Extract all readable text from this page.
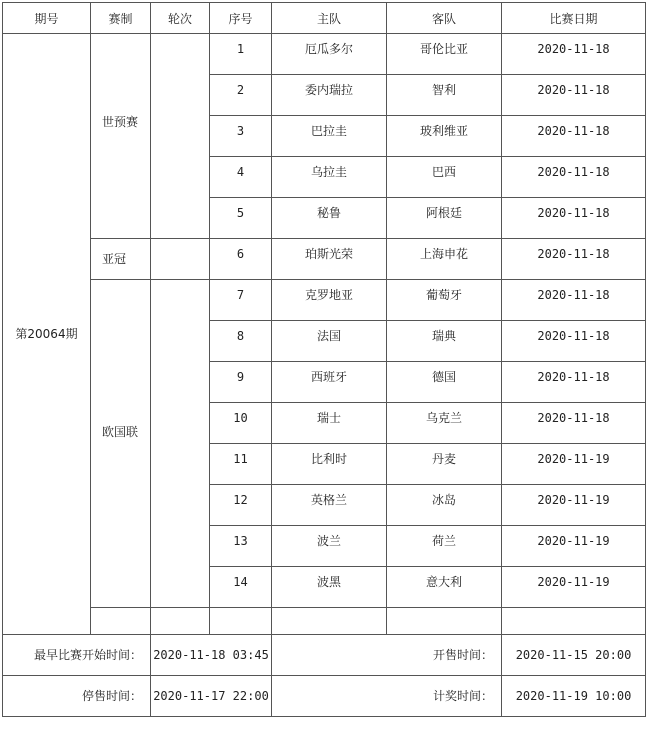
期号	赛制	轮次	序号	主队	客队	比赛日期
第20064期	世预赛		1	厄瓜多尔	哥伦比亚	2020-11-18
			2	委内瑞拉	智利	2020-11-18
			3	巴拉圭	玻利维亚	2020-11-18
			4	乌拉圭	巴西	2020-11-18
			5	秘鲁	阿根廷	2020-11-18
	亚冠		6	珀斯光荣	上海申花	2020-11-18
	欧国联		7	克罗地亚	葡萄牙	2020-11-18
			8	法国	瑞典	2020-11-18
			9	西班牙	德国	2020-11-18
			10	瑞士	乌克兰	2020-11-18
			11	比利时	丹麦	2020-11-19
			12	英格兰	冰岛	2020-11-19
			13	波兰	荷兰	2020-11-19
			14	波黑	意大利	2020-11-19

最早比赛开始时间：		2020-11-18 03:45		开售时间：		2020-11-15 20:00
停售时间：		2020-11-17 22:00		计奖时间：		2020-11-19 10:00
